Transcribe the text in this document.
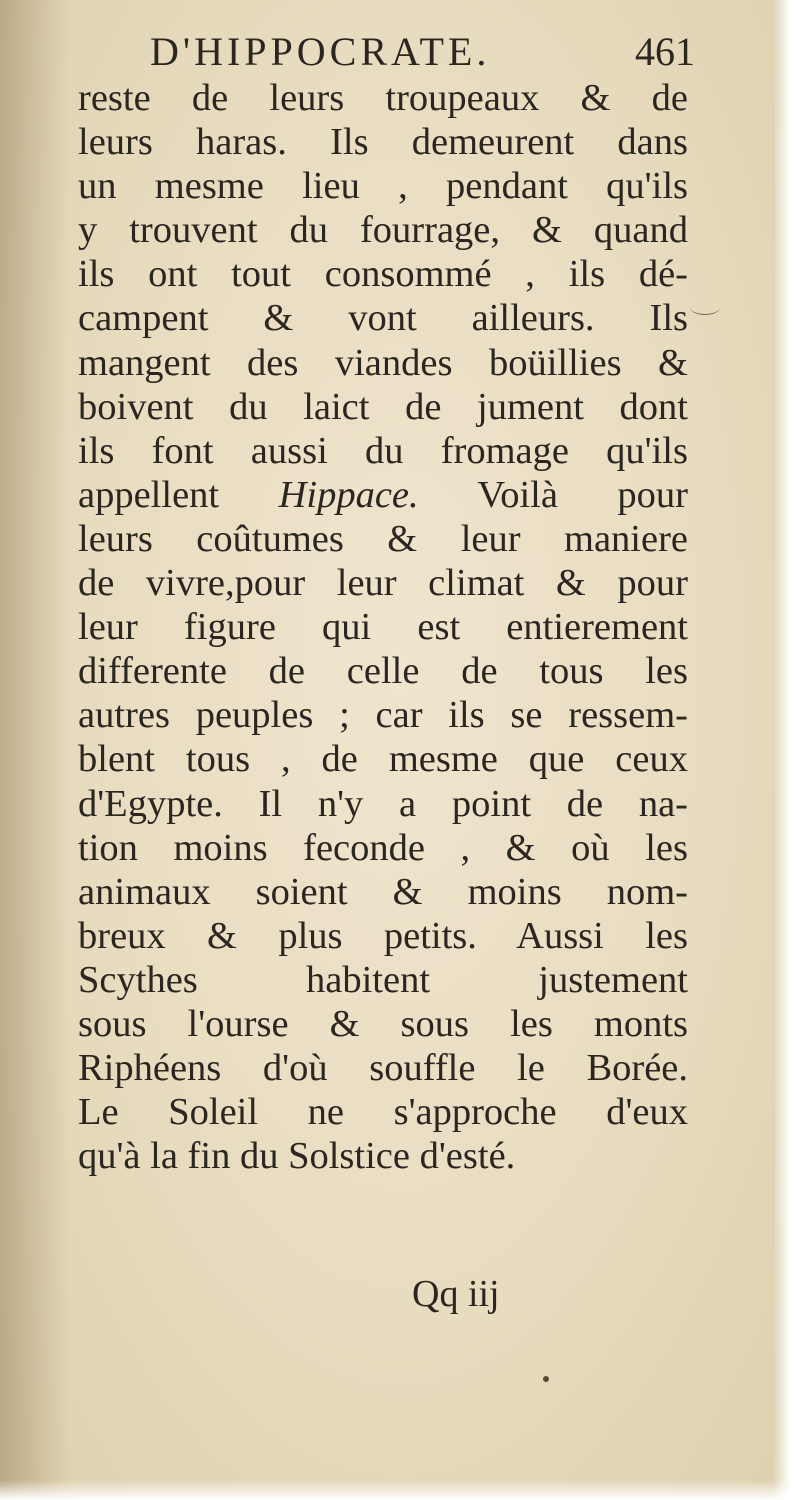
D'HIPPOCRATE.	461
reste de leurs troupeaux & de
leurs haras. Ils demeurent dans
un mesme lieu , pendant qu'ils
y trouvent du fourrage, & quand
ils ont tout consommé , ils dé-
campent & vont ailleurs. Ils
mangent des viandes boüillies &
boivent du laict de jument dont
ils font aussi du fromage qu'ils
appellent Hippace. Voilà pour
leurs coûtumes & leur maniere
de vivre,pour leur climat & pour
leur figure qui est entierement
differente de celle de tous les
autres peuples ; car ils se ressem-
blent tous , de mesme que ceux
d'Egypte. Il n'y a point de na-
tion moins feconde , & où les
animaux soient & moins nom-
breux & plus petits. Aussi les
Scythes habitent justement
sous l'ourse & sous les monts
Riphéens d'où souffle le Borée.
Le Soleil ne s'approche d'eux
qu'à la fin du Solstice d'esté.
Qq iij
